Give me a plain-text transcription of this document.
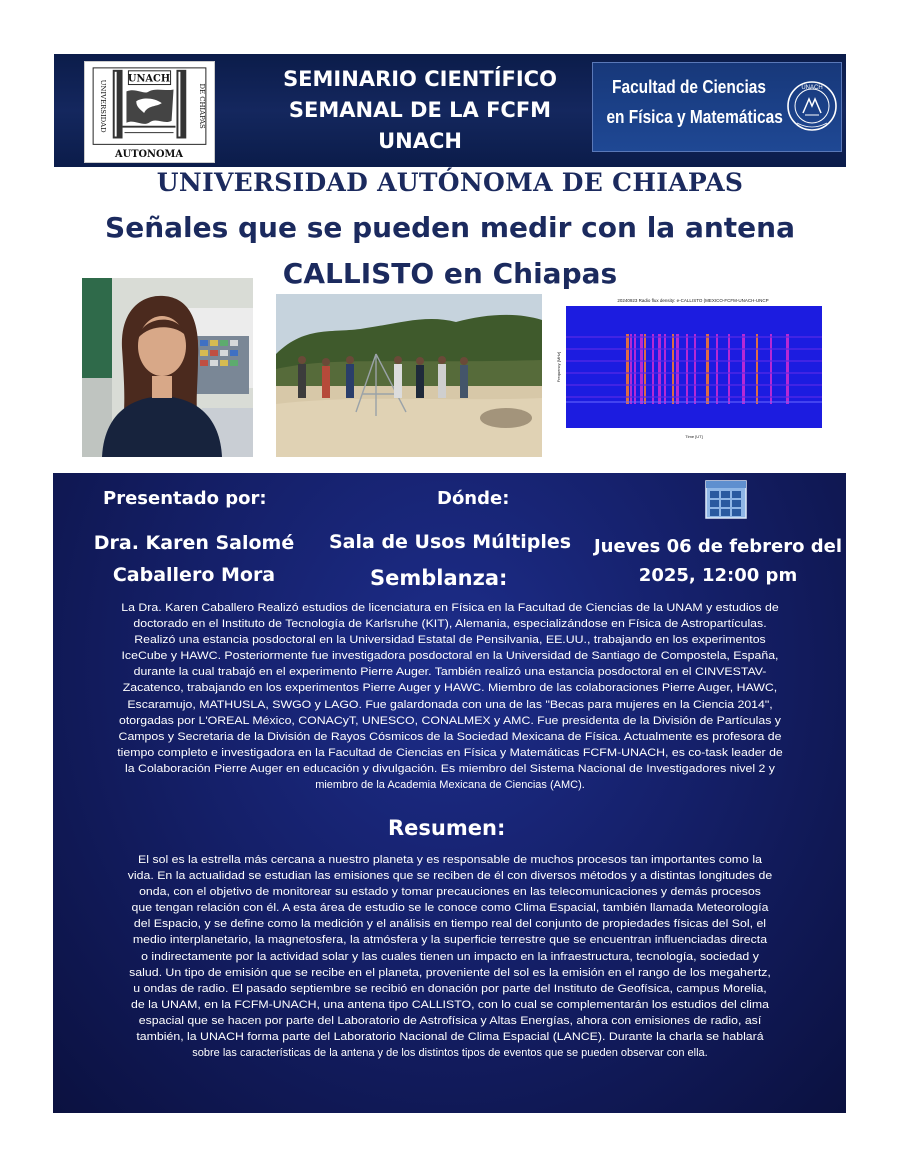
AUTONOMA
UNIVERSIDAD	DE CHIAPAS
UNACH	SEMINARIO CIENTÍFICO
SEMANAL DE LA FCFM
UNACH
Facultad de Ciencias
en Física y Matemáticas
UNACH
UNIVERSIDAD AUTÓNOMA DE CHIAPAS
Señales que se pueden medir con la antena
CALLISTO en Chiapas
20240923 Radio flux density: e-CALLISTO (MEXICO-FCFM-UNACH-UNCP
Frequency [MHz]
Time [UT]
Presentado por:	Dónde:
Dra. Karen Salomé
Caballero Mora
Sala de Usos Múltiples	Jueves 06 de febrero del
2025, 12:00 pm
Semblanza:
La Dra. Karen Caballero Realizó estudios de licenciatura en Física en la Facultad de Ciencias de la UNAM y estudios de
doctorado en el Instituto de Tecnología de Karlsruhe (KIT), Alemania, especializándose en Física de Astropartículas.
Realizó una estancia posdoctoral en la Universidad Estatal de Pensilvania, EE.UU., trabajando en los experimentos
IceCube y HAWC. Posteriormente fue investigadora posdoctoral en la Universidad de Santiago de Compostela, España,
durante la cual trabajó en el experimento Pierre Auger. También realizó una estancia posdoctoral en el CINVESTAV-
Zacatenco, trabajando en los experimentos Pierre Auger y HAWC. Miembro de las colaboraciones Pierre Auger, HAWC,
Escaramujo, MATHUSLA, SWGO y LAGO. Fue galardonada con una de las "Becas para mujeres en la Ciencia 2014",
otorgadas por L'OREAL México, CONACyT, UNESCO, CONALMEX y AMC. Fue presidenta de la División de Partículas y
Campos y Secretaria de la División de Rayos Cósmicos de la Sociedad Mexicana de Física. Actualmente es profesora de
tiempo completo e investigadora en la Facultad de Ciencias en Física y Matemáticas FCFM-UNACH, es co-task leader de
la Colaboración Pierre Auger en educación y divulgación. Es miembro del Sistema Nacional de Investigadores nivel 2 y
miembro de la Academia Mexicana de Ciencias (AMC).
Resumen:
El sol es la estrella más cercana a nuestro planeta y es responsable de muchos procesos tan importantes como la
vida. En la actualidad se estudian las emisiones que se reciben de él con diversos métodos y a distintas longitudes de
onda, con el objetivo de monitorear su estado y tomar precauciones en las telecomunicaciones y demás procesos
que tengan relación con él. A esta área de estudio se le conoce como Clima Espacial, también llamada Meteorología
del Espacio, y se define como la medición y el análisis en tiempo real del conjunto de propiedades físicas del Sol, el
medio interplanetario, la magnetosfera, la atmósfera y la superficie terrestre que se encuentran influenciadas directa
o indirectamente por la actividad solar y las cuales tienen un impacto en la infraestructura, tecnología, sociedad y
salud. Un tipo de emisión que se recibe en el planeta, proveniente del sol es la emisión en el rango de los megahertz,
u ondas de radio. El pasado septiembre se recibió en donación por parte del Instituto de Geofísica, campus Morelia,
de la UNAM, en la FCFM-UNACH, una antena tipo CALLISTO, con lo cual se complementarán los estudios del clima
espacial que se hacen por parte del Laboratorio de Astrofísica y Altas Energías, ahora con emisiones de radio, así
también, la UNACH forma parte del Laboratorio Nacional de Clima Espacial (LANCE). Durante la charla se hablará
sobre las características de la antena y de los distintos tipos de eventos que se pueden observar con ella.
